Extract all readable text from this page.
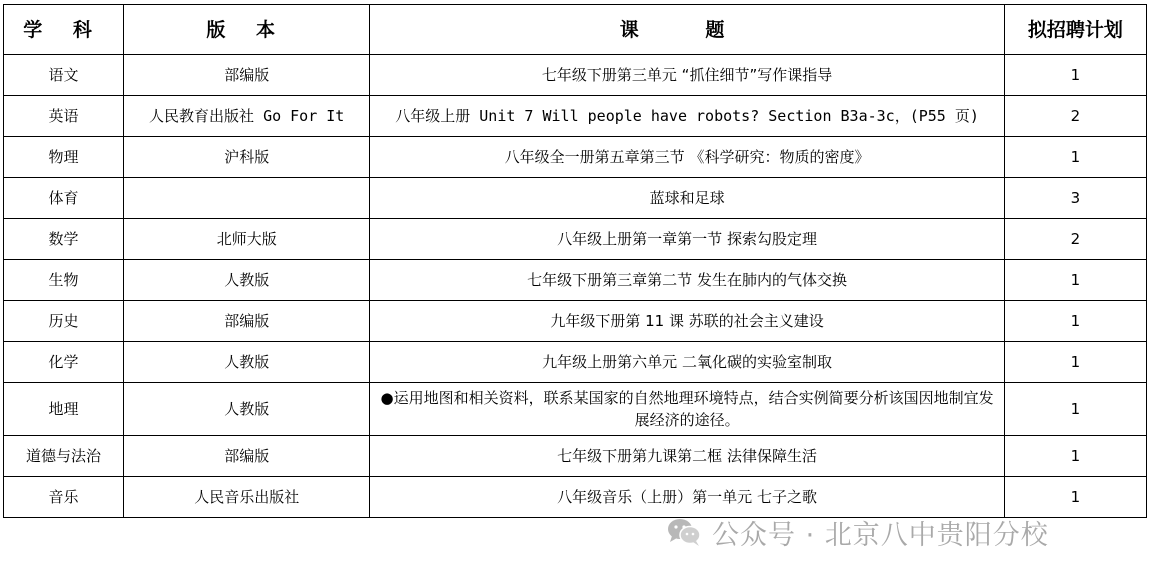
学 科	版 本	课 题	拟招聘计划
语文	部编版	七年级下册第三单元 “抓住细节”写作课指导	1
英语	人民教育出版社 Go For It	八年级上册 Unit 7 Will people have robots? Section B3a-3c，(P55 页)	2
物理	沪科版	八年级全一册第五章第三节 《科学研究：物质的密度》	1
体育		蓝球和足球	3
数学	北师大版	八年级上册第一章第一节 探索勾股定理	2
生物	人教版	七年级下册第三章第二节 发生在肺内的气体交换	1
历史	部编版	九年级下册第 11 课 苏联的社会主义建设	1
化学	人教版	九年级上册第六单元 二氧化碳的实验室制取	1
地理	人教版	●运用地图和相关资料，联系某国家的自然地理环境特点，结合实例简要分析该国因地制宜发展经济的途径。	1
道德与法治	部编版	七年级下册第九课第二框 法律保障生活	1
音乐	人民音乐出版社	八年级音乐（上册）第一单元 七子之歌	1
公众号 · 北京八中贵阳分校
